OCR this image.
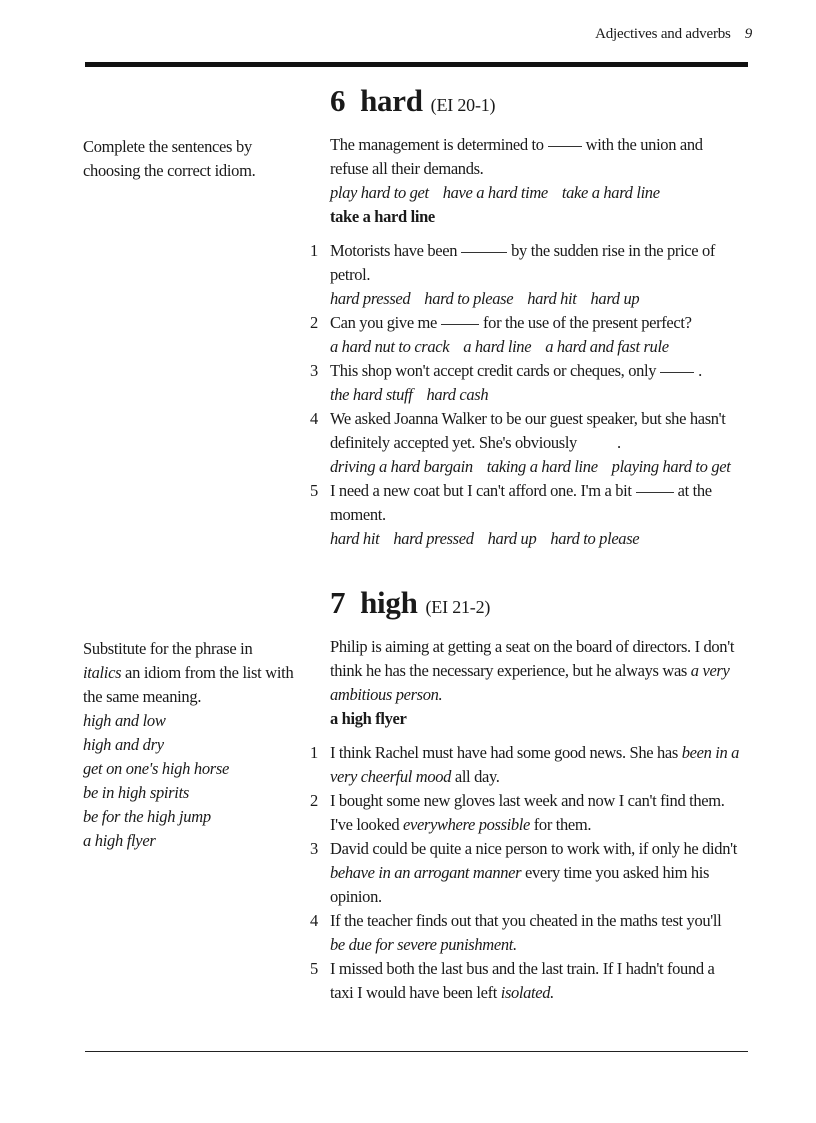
Adjectives and adverbs 9
6 hard (EI 20-1)
Complete the sentences by
choosing the correct idiom.
The management is determined to	with the union and
refuse all their demands.
play hard to get have a hard time take a hard line
take a hard line
1 Motorists have been	by the sudden rise in the price of
petrol.
hard pressed hard to please hard hit hard up
2 Can you give me	for the use of the present perfect?
a hard nut to crack a hard line a hard and fast rule
3 This shop won't accept credit cards or cheques, only	.
the hard stuff hard cash
4 We asked Joanna Walker to be our guest speaker, but she hasn't
definitely accepted yet. She's obviously .
driving a hard bargain taking a hard line playing hard to get
5 I need a new coat but I can't afford one. I'm a bit	at the
moment.
hard hit hard pressed hard up hard to please
7 high (EI 21-2)
Substitute for the phrase in
italics an idiom from the list with
the same meaning.
high and low
high and dry
get on one's high horse
be in high spirits
be for the high jump
a high flyer
Philip is aiming at getting a seat on the board of directors. I don't
think he has the necessary experience, but he always was a very
ambitious person.
a high flyer
1 I think Rachel must have had some good news. She has been in a
very cheerful mood all day.
2 I bought some new gloves last week and now I can't find them.
I've looked everywhere possible for them.
3 David could be quite a nice person to work with, if only he didn't
behave in an arrogant manner every time you asked him his opinion.
4 If the teacher finds out that you cheated in the maths test you'll
be due for severe punishment.
5 I missed both the last bus and the last train. If I hadn't found a
taxi I would have been left isolated.
